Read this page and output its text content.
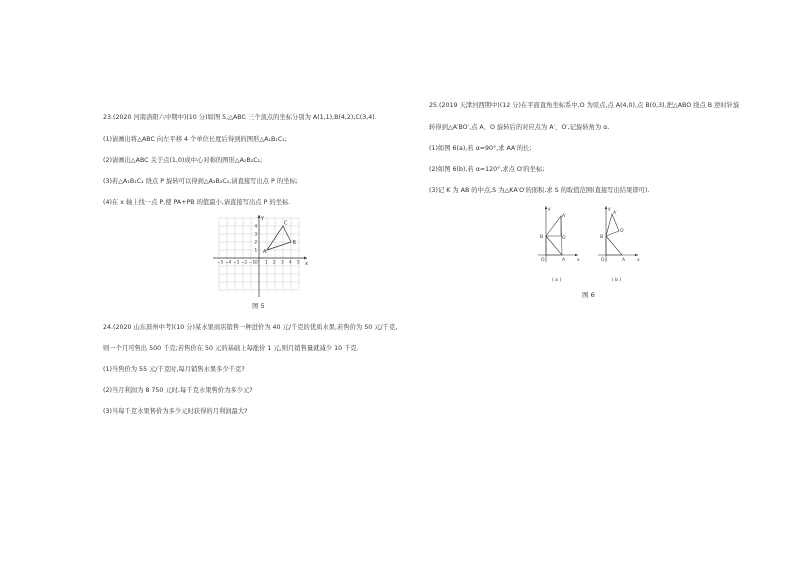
23.(2020 河南洛阳六中期中)(10 分)如图 5,△ABC 三个顶点的坐标分别为 A(1,1),B(4,2),C(3,4).
(1)请画出将△ABC 向左平移 4 个单位长度后得到的图形△A₁B₁C₁;
(2)请画出△ABC 关于点(1,0)成中心对称的图形△A₂B₂C₂;
(3)若△A₁B₁C₁ 绕点 P 旋转可以得到△A₂B₂C₂,请直接写出点 P 的坐标;
(4)在 x 轴上找一点 P,使 PA+PB 的值最小,请直接写出点 P 的坐标.
x
y
−5 −4 −3 −2 −1 O 1 2 3 4 5
1
2
3
4
A
B
C
图 5
24.(2020 山东滨州中考)(10 分)某水果商店销售一种进价为 40 元/千克的优质水果,若售价为 50 元/千克,
则一个月可售出 500 千克;若售价在 50 元的基础上每涨价 1 元,则月销售量就减少 10 千克.
(1)当售价为 55 元/千克时,每月销售水果多少千克?
(2)当月利润为 8 750 元时,每千克水果售价为多少元?
(3)当每千克水果售价为多少元时获得的月利润最大?
25.(2019 天津河西期中)(12 分)在平面直角坐标系中,O 为原点,点 A(4,0),点 B(0,3),把△ABO 绕点 B 逆时针旋
转得到△A′BO′,点 A、O 旋转后的对应点为 A′、O′,记旋转角为 α.
(1)如图 6(a),若 α=90°,求 AA′的长;
(2)如图 6(b),若 α=120°,求点 O′的坐标;
(3)记 K 为 AB 的中点,S 为△KA′O′的面积,求 S 的取值范围(直接写出结果即可).
y
x
O	A
B
A′
O′
( a )
y
x
O	A
B
A′
O′
( b )
图 6
